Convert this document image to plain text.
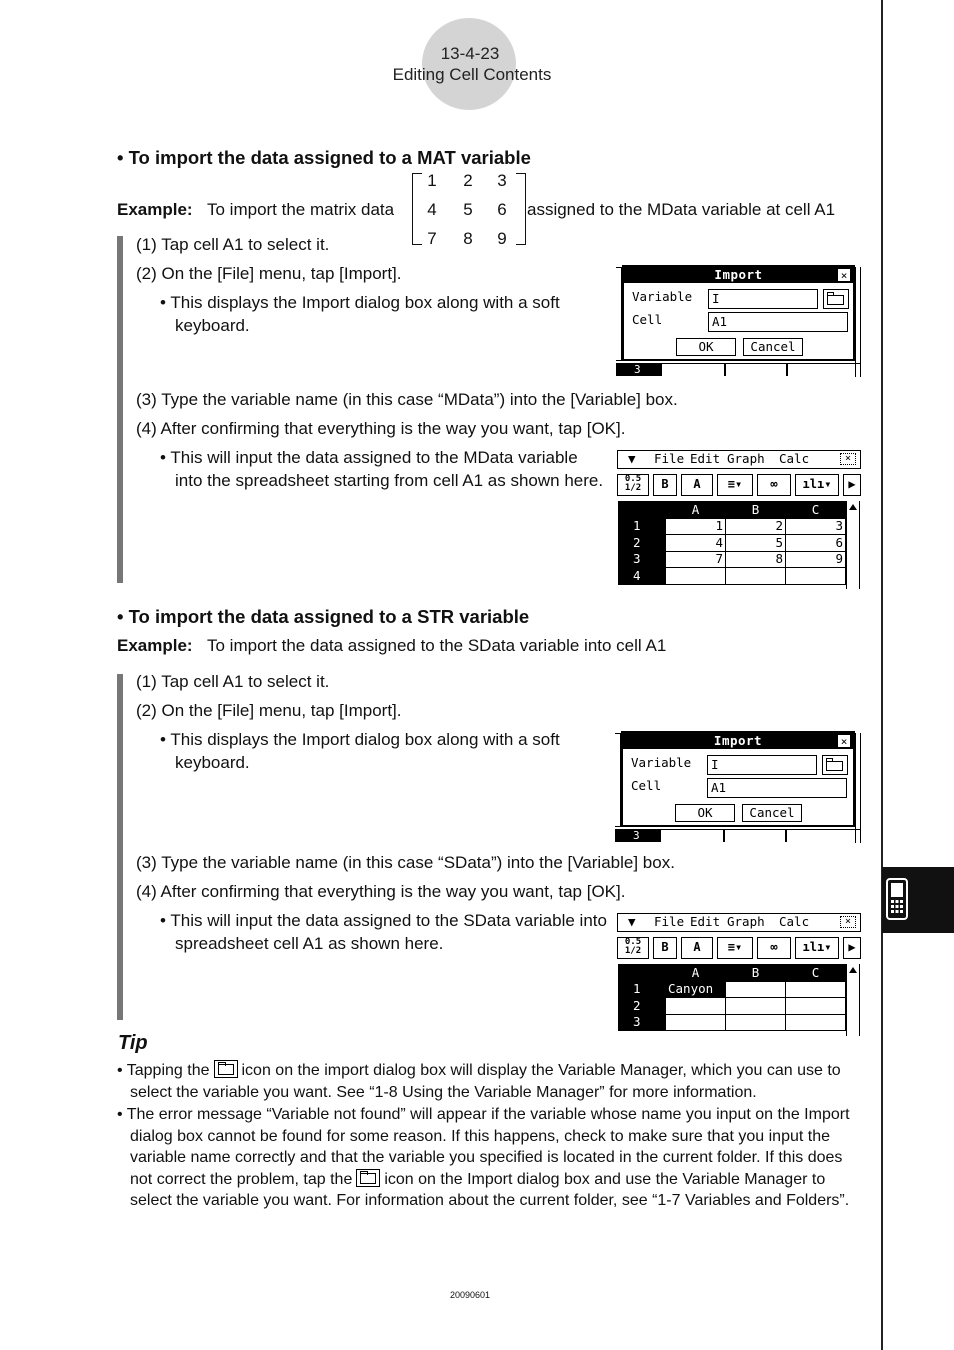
13-4-23
Editing Cell Contents
• To import the data assigned to a MAT variable
Example: To import the matrix data
1	2	3
4	5	6
7	8	9
assigned to the MData variable at cell A1
(1) Tap cell A1 to select it.
(2) On the [File] menu, tap [Import].
• This displays the Import dialog box along with a soft keyboard.
(3) Type the variable name (in this case “MData”) into the [Variable] box.
(4) After confirming that everything is the way you want, tap [OK].
• This will input the data assigned to the MData variable into the spreadsheet starting from cell A1 as shown here.
3
Import	×
Variable	I
Cell	A1
OK	Cancel
▼ File Edit Graph Calc	×
0.5 1/2	B	A	≡▾	∞	ılı▾	▶
	A	B	C
1	1	2	3
2	4	5	6
3	7	8	9
4			
• To import the data assigned to a STR variable
Example: To import the data assigned to the SData variable into cell A1
(1) Tap cell A1 to select it.
(2) On the [File] menu, tap [Import].
• This displays the Import dialog box along with a soft keyboard.
(3) Type the variable name (in this case “SData”) into the [Variable] box.
(4) After confirming that everything is the way you want, tap [OK].
• This will input the data assigned to the SData variable into spreadsheet cell A1 as shown here.
3
Import	×
Variable	I
Cell	A1
OK	Cancel
▼ File Edit Graph Calc	×
0.5 1/2	B	A	≡▾	∞	ılı▾	▶
	A	B	C
1	Canyon		
2			
3			
Tip
• Tapping the icon on the import dialog box will display the Variable Manager, which you can use to select the variable you want. See “1-8 Using the Variable Manager” for more information.
• The error message “Variable not found” will appear if the variable whose name you input on the Import dialog box cannot be found for some reason. If this happens, check to make sure that you input the variable name correctly and that the variable you specified is located in the current folder. If this does not correct the problem, tap the icon on the Import dialog box and use the Variable Manager to select the variable you want. For information about the current folder, see “1-7 Variables and Folders”.
20090601
